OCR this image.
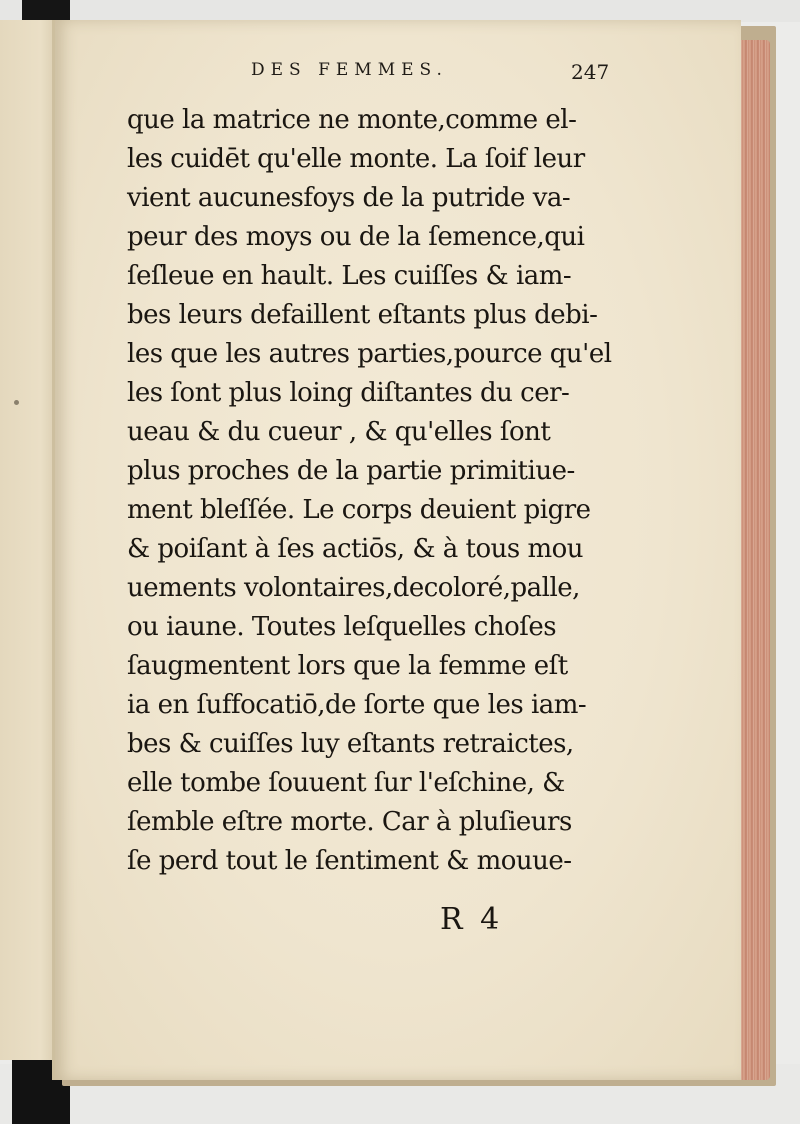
DES FEMMES.	247
que la matrice ne monte,comme el-
les cuidēt qu'elle monte. La ſoif leur
vient aucunesfoys de la putride va-
peur des moys ou de la ſemence,qui
ſeſleue en hault. Les cuiſſes & iam-
bes leurs defaillent eſtants plus debi-
les que les autres parties,pource qu'el
les ſont plus loing diſtantes du cer-
ueau & du cueur , & qu'elles ſont
plus proches de la partie primitiue-
ment bleſſée. Le corps deuient pigre
& poiſant à ſes actiōs, & à tous mou
uements volontaires,decoloré,palle,
ou iaune. Toutes leſquelles choſes
ſaugmentent lors que la femme eſt
ia en ſuffocatiō,de ſorte que les iam-
bes & cuiſſes luy eſtants retraictes,
elle tombe ſouuent ſur l'eſchine, &
ſemble eſtre morte. Car à pluſieurs
ſe perd tout le ſentiment & mouue-
R 4
